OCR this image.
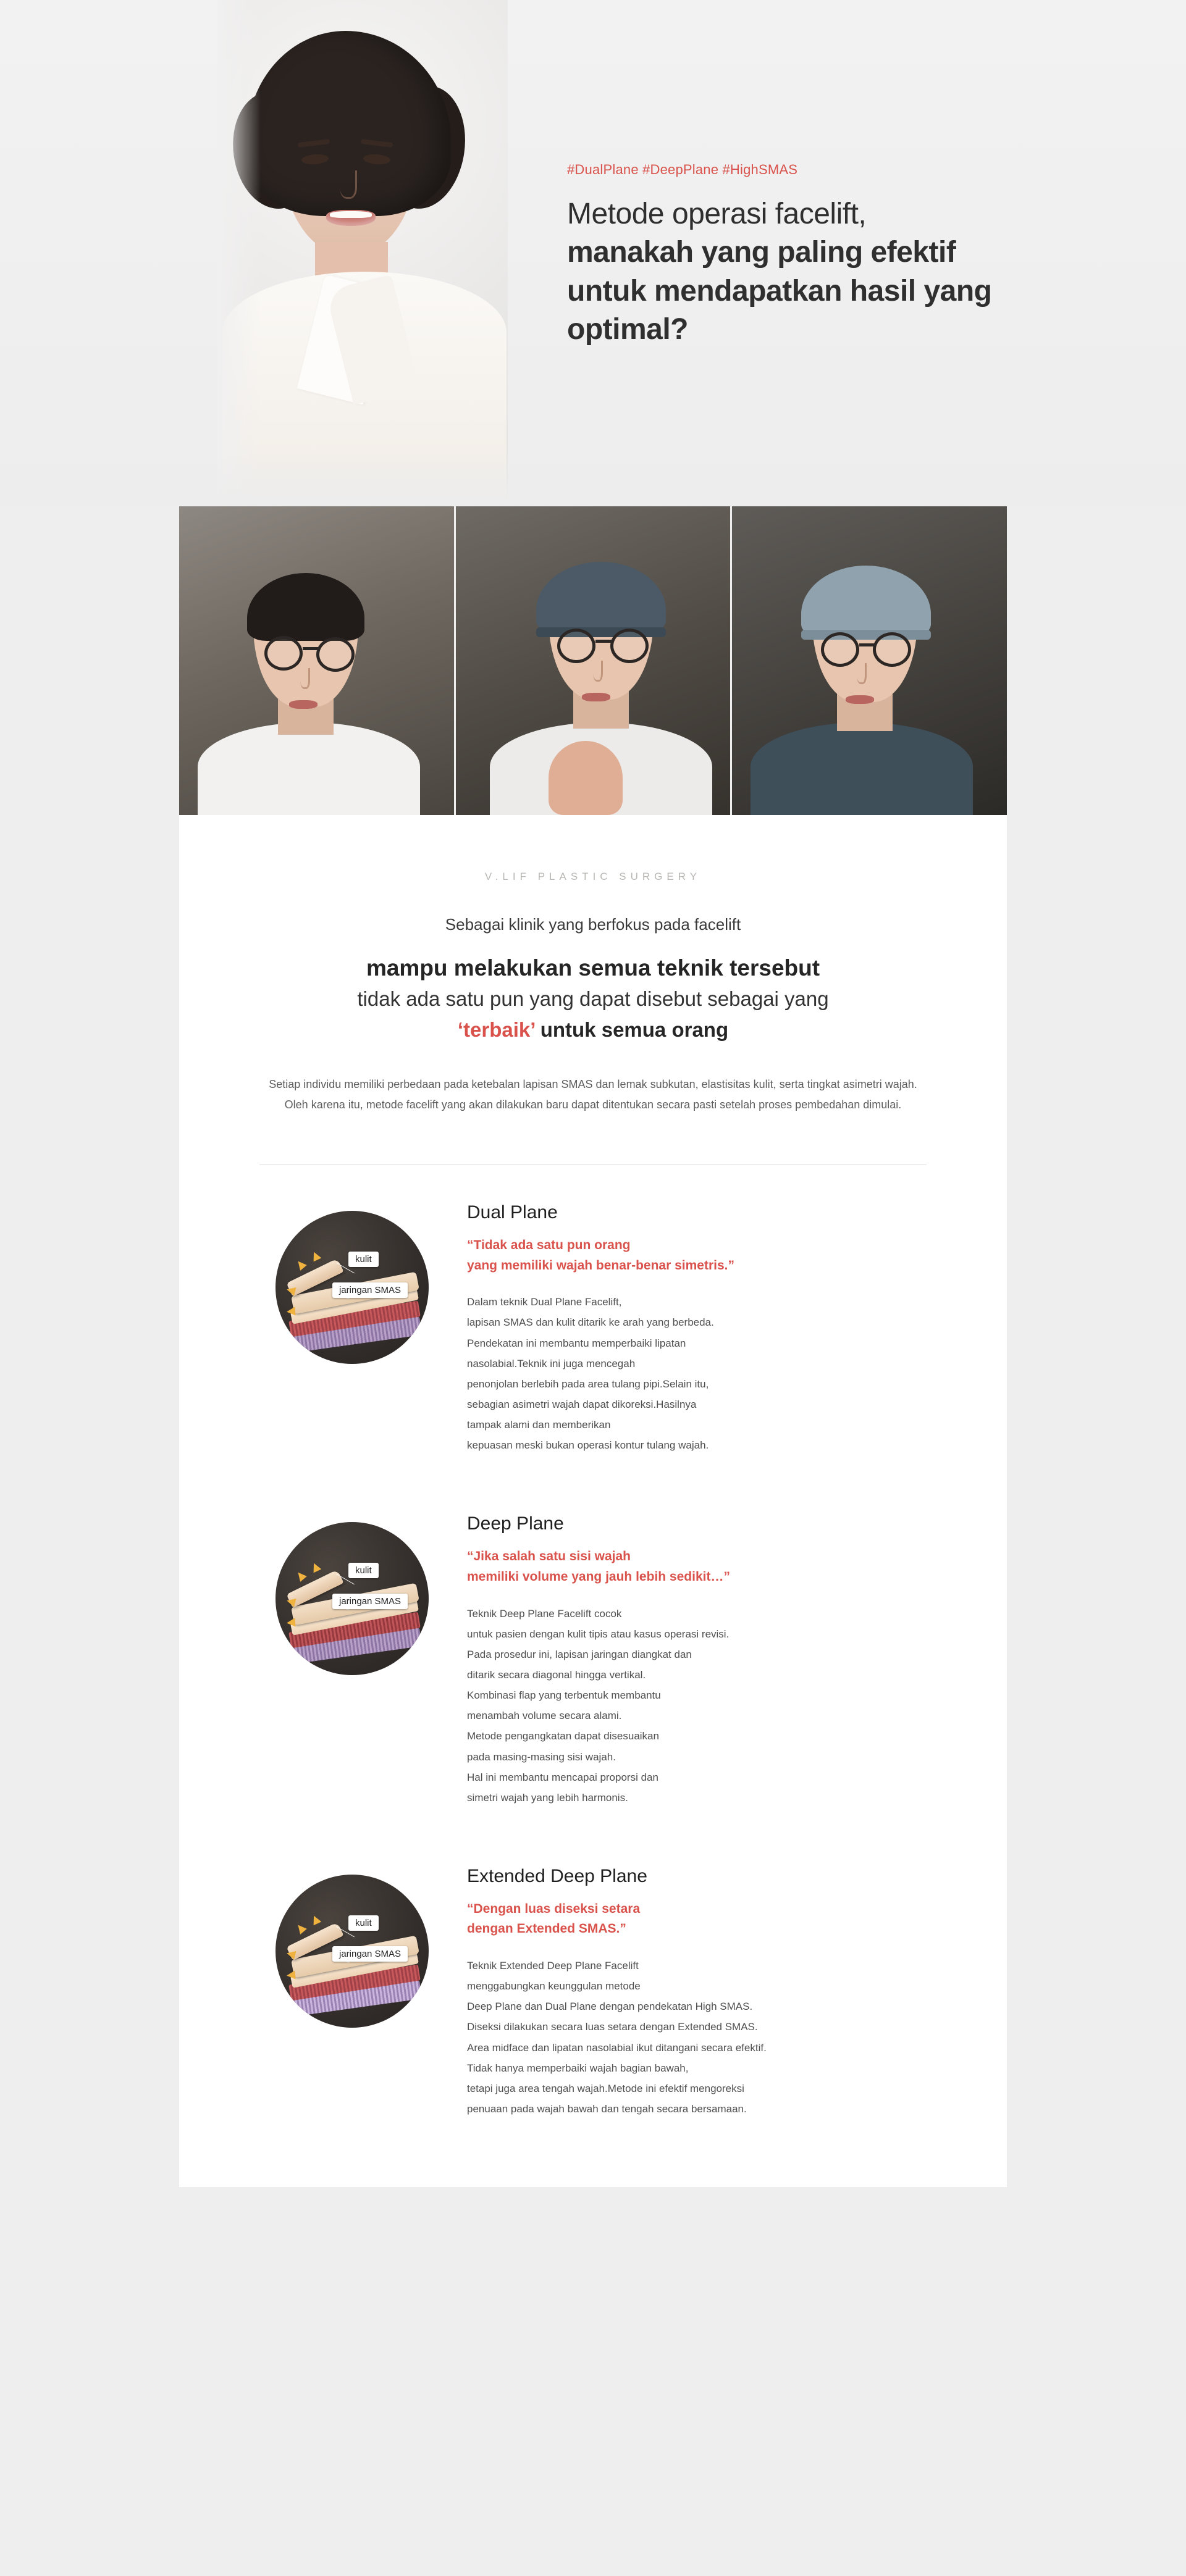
#DualPlane #DeepPlane #HighSMAS
Metode operasi facelift,
manakah yang paling efektif
untuk mendapatkan hasil yang
optimal?
V.LIF PLASTIC SURGERY
Sebagai klinik yang berfokus pada facelift
mampu melakukan semua teknik tersebut
tidak ada satu pun yang dapat disebut sebagai yang
‘terbaik’ untuk semua orang
Setiap individu memiliki perbedaan pada ketebalan lapisan SMAS dan lemak subkutan, elastisitas kulit, serta tingkat asimetri wajah. Oleh karena itu, metode facelift yang akan dilakukan baru dapat ditentukan secara pasti setelah proses pembedahan dimulai.
kulit
jaringan SMAS
Dual Plane
“Tidak ada satu pun orang
yang memiliki wajah benar-benar simetris.”
Dalam teknik Dual Plane Facelift,
lapisan SMAS dan kulit ditarik ke arah yang berbeda.
Pendekatan ini membantu memperbaiki lipatan
nasolabial.Teknik ini juga mencegah
penonjolan berlebih pada area tulang pipi.Selain itu,
sebagian asimetri wajah dapat dikoreksi.Hasilnya
tampak alami dan memberikan
kepuasan meski bukan operasi kontur tulang wajah.
kulit
jaringan SMAS
Deep Plane
“Jika salah satu sisi wajah
memiliki volume yang jauh lebih sedikit…”
Teknik Deep Plane Facelift cocok
untuk pasien dengan kulit tipis atau kasus operasi revisi.
Pada prosedur ini, lapisan jaringan diangkat dan
ditarik secara diagonal hingga vertikal.
Kombinasi flap yang terbentuk membantu
menambah volume secara alami.
Metode pengangkatan dapat disesuaikan
pada masing-masing sisi wajah.
Hal ini membantu mencapai proporsi dan
simetri wajah yang lebih harmonis.
kulit
jaringan SMAS
Extended Deep Plane
“Dengan luas diseksi setara
dengan Extended SMAS.”
Teknik Extended Deep Plane Facelift
menggabungkan keunggulan metode
Deep Plane dan Dual Plane dengan pendekatan High SMAS.
Diseksi dilakukan secara luas setara dengan Extended SMAS.
Area midface dan lipatan nasolabial ikut ditangani secara efektif.
Tidak hanya memperbaiki wajah bagian bawah,
tetapi juga area tengah wajah.Metode ini efektif mengoreksi
penuaan pada wajah bawah dan tengah secara bersamaan.
